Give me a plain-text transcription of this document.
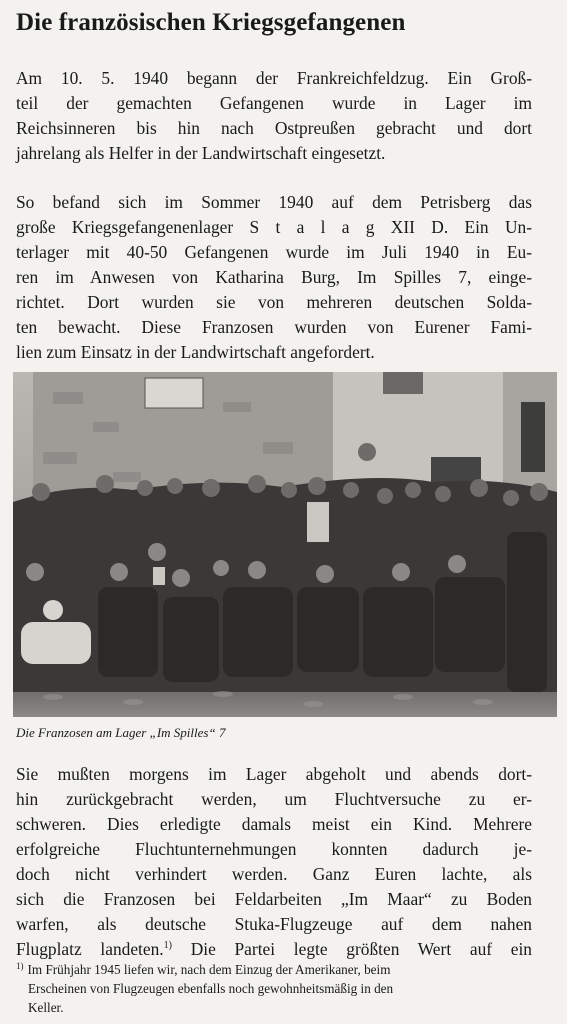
Die französischen Kriegsgefangenen
Am 10. 5. 1940 begann der Frankreichfeldzug. Ein Groß-
teil der gemachten Gefangenen wurde in Lager im
Reichsinneren bis hin nach Ostpreußen gebracht und dort
jahrelang als Helfer in der Landwirtschaft eingesetzt.
So befand sich im Sommer 1940 auf dem Petrisberg das
große Kriegsgefangenenlager S t a l a g XII D. Ein Un-
terlager mit 40-50 Gefangenen wurde im Juli 1940 in Eu-
ren im Anwesen von Katharina Burg, Im Spilles 7, einge-
richtet. Dort wurden sie von mehreren deutschen Solda-
ten bewacht. Diese Franzosen wurden von Eurener Fami-
lien zum Einsatz in der Landwirtschaft angefordert.
Die Franzosen am Lager „Im Spilles“ 7
Sie mußten morgens im Lager abgeholt und abends dort-
hin zurückgebracht werden, um Fluchtversuche zu er-
schweren. Dies erledigte damals meist ein Kind. Mehrere
erfolgreiche Fluchtunternehmungen konnten dadurch je-
doch nicht verhindert werden. Ganz Euren lachte, als
sich die Franzosen bei Feldarbeiten „Im Maar“ zu Boden
warfen, als deutsche Stuka-Flugzeuge auf dem nahen
Flugplatz landeten.$^{1)}$ Die Partei legte größten Wert auf ein
$^{1)}$ Im Frühjahr 1945 liefen wir, nach dem Einzug der Amerikaner, beim
Erscheinen von Flugzeugen ebenfalls noch gewohnheitsmäßig in den
Keller.
